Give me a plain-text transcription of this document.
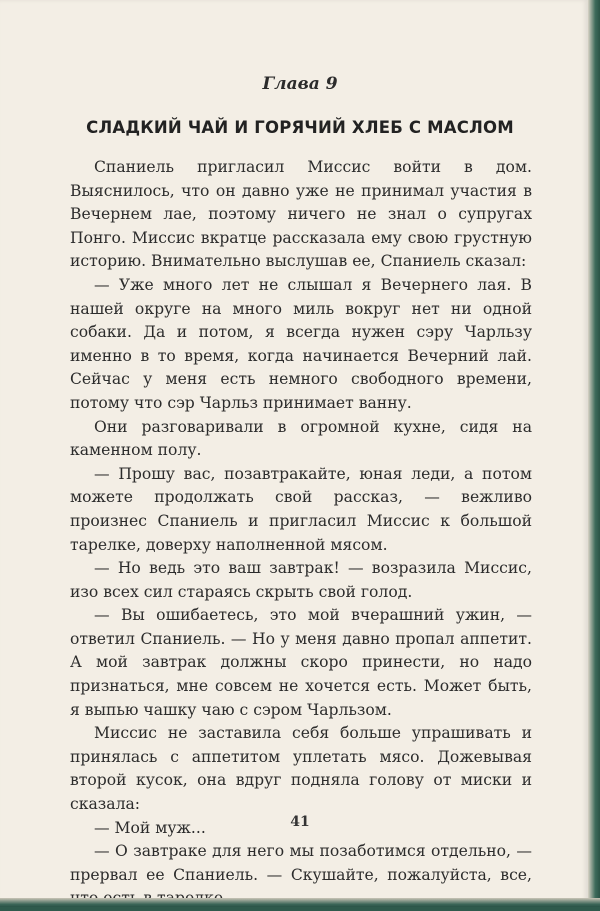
Глава 9
СЛАДКИЙ ЧАЙ И ГОРЯЧИЙ ХЛЕБ С МАСЛОМ

Спаниель пригласил Миссис войти в дом. Выяснилось, что он давно уже не принимал участия в Вечернем лае, поэтому ничего не знал о супругах Понго. Миссис вкратце рассказала ему свою грустную историю. Внимательно выслушав ее, Спаниель сказал:

— Уже много лет не слышал я Вечернего лая. В нашей округе на много миль вокруг нет ни одной собаки. Да и потом, я всегда нужен сэру Чарльзу именно в то время, когда начинается Вечерний лай. Сейчас у меня есть немного свободного времени, потому что сэр Чарльз принимает ванну.

Они разговаривали в огромной кухне, сидя на каменном полу.

— Прошу вас, позавтракайте, юная леди, а потом можете продолжать свой рассказ, — вежливо произнес Спаниель и пригласил Миссис к большой тарелке, доверху наполненной мясом.

— Но ведь это ваш завтрак! — возразила Миссис, изо всех сил стараясь скрыть свой голод.

— Вы ошибаетесь, это мой вчерашний ужин, — ответил Спаниель. — Но у меня давно пропал аппетит. А мой завтрак должны скоро принести, но надо признаться, мне совсем не хочется есть. Может быть, я выпью чашку чаю с сэром Чарльзом.

Миссис не заставила себя больше упрашивать и принялась с аппетитом уплетать мясо. Дожевывая второй кусок, она вдруг подняла голову от миски и сказала:

— Мой муж...

— О завтраке для него мы позаботимся отдельно, — прервал ее Спаниель. — Скушайте, пожалуйста, все,

41
